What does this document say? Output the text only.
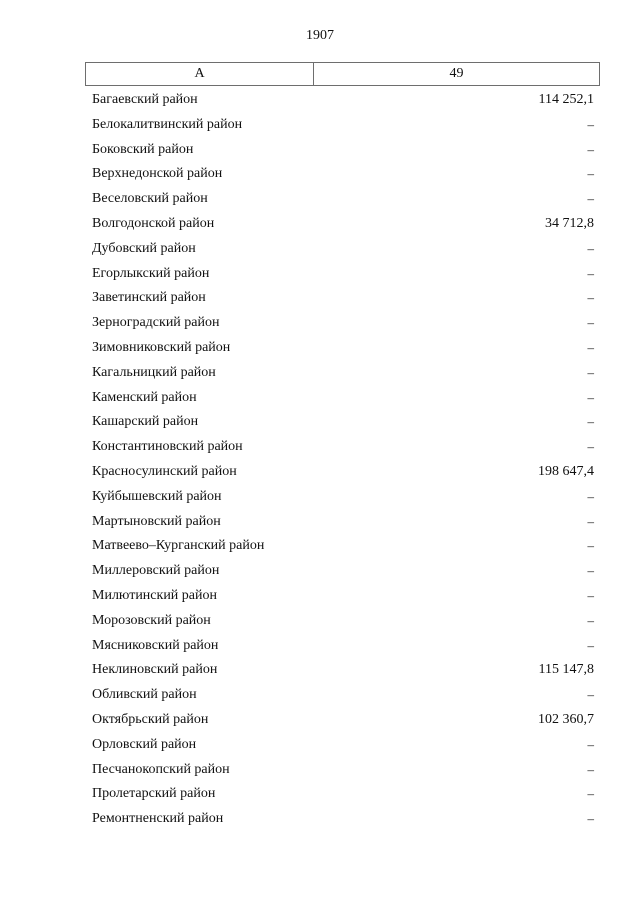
1907
А	49
Багаевский район	114 252,1
Белокалитвинский район	–
Боковский район	–
Верхнедонской район	–
Веселовский район	–
Волгодонской район	34 712,8
Дубовский район	–
Егорлыкский район	–
Заветинский район	–
Зерноградский район	–
Зимовниковский район	–
Кагальницкий район	–
Каменский район	–
Кашарский район	–
Константиновский район	–
Красносулинский район	198 647,4
Куйбышевский район	–
Мартыновский район	–
Матвеево–Курганский район	–
Миллеровский район	–
Милютинский район	–
Морозовский район	–
Мясниковский район	–
Неклиновский район	115 147,8
Обливский район	–
Октябрьский район	102 360,7
Орловский район	–
Песчанокопский район	–
Пролетарский район	–
Ремонтненский район	–
